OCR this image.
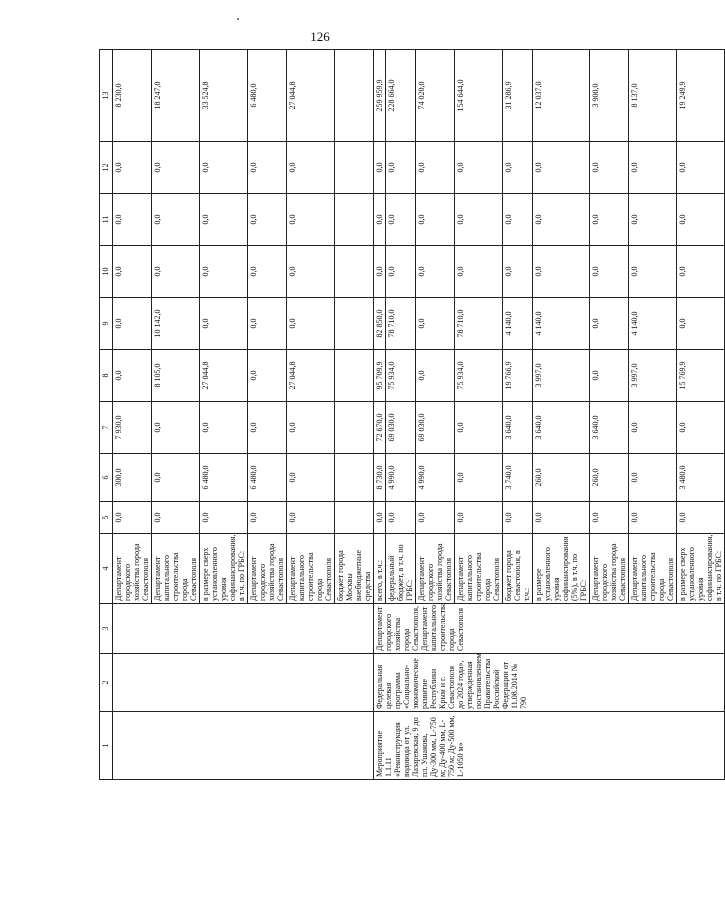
126
1	2	3	4	5	6	7	8	9	10	11	12	13
			Департамент городского хозяйства города Севастополя	0,0	300,0	7 930,0	0,0	0,0	0,0	0,0	0,0	8 230,0
			Департамент капитального строительства города Севастополя	0,0	0,0	0,0	8 105,0	10 142,0	0,0	0,0	0,0	18 247,0
			в размере сверх установленного уровня софинансирования, в т.ч. по ГРБС:	0,0	6 480,0	0,0	27 044,8	0,0	0,0	0,0	0,0	33 524,8
			Департамент городского хозяйства города Севастополя	0,0	6 480,0	0,0	0,0	0,0	0,0	0,0	0,0	6 480,0
			Департамент капитального строительства города Севастополя	0,0	0,0	0,0	27 044,8	0,0	0,0	0,0	0,0	27 044,8
			бюджет города Москвы внебюджетные средства									
Мероприятие 1.1.11 «Реконструкция водовода от ул. Лазаревская, 9 до пл. Ушакова, Ду-300 мм, L-750 м; Ду-400 мм, L-750 м; Ду-500 мм, L-1050 м»	Федеральная целевая программа «Социально-экономическое развитие Республики Крым и г. Севастополя до 2024 года», утвержденная постановлением Правительства Российской Федерации от 11.08.2014 № 790	Департамент городского хозяйства города Севастополя, Департамент капитального строительства города Севастополя	всего, в т.ч.:	0,0	8 730,0	72 670,0	95 709,9	82 850,0	0,0	0,0	0,0	259 959,9
			федеральный бюджет, в т.ч. по ГРБС:	0,0	4 990,0	69 030,0	75 934,0	78 710,0	0,0	0,0	0,0	228 664,0
			Департамент городского хозяйства города Севастополя	0,0	4 990,0	69 030,0	0,0	0,0	0,0	0,0	0,0	74 020,0
			Департамент капитального строительства города Севастополя	0,0	0,0	0,0	75 934,0	78 710,0	0,0	0,0	0,0	154 644,0
			бюджет города Севастополя, в т.ч.:	0,0	3 740,0	3 640,0	19 766,9	4 140,0	0,0	0,0	0,0	31 286,9
			в размере установленного уровня софинансирования (5%), в т.ч. по ГРБС:	0,0	260,0	3 640,0	3 997,0	4 140,0	0,0	0,0	0,0	12 037,0
			Департамент городского хозяйства города Севастополя	0,0	260,0	3 640,0	0,0	0,0	0,0	0,0	0,0	3 900,0
			Департамент капитального строительства города Севастополя	0,0	0,0	0,0	3 997,0	4 140,0	0,0	0,0	0,0	8 137,0
			в размере сверх установленного уровня софинансирования, в т.ч. по ГРБС:	0,0	3 480,0	0,0	15 769,9	0,0	0,0	0,0	0,0	19 249,9
